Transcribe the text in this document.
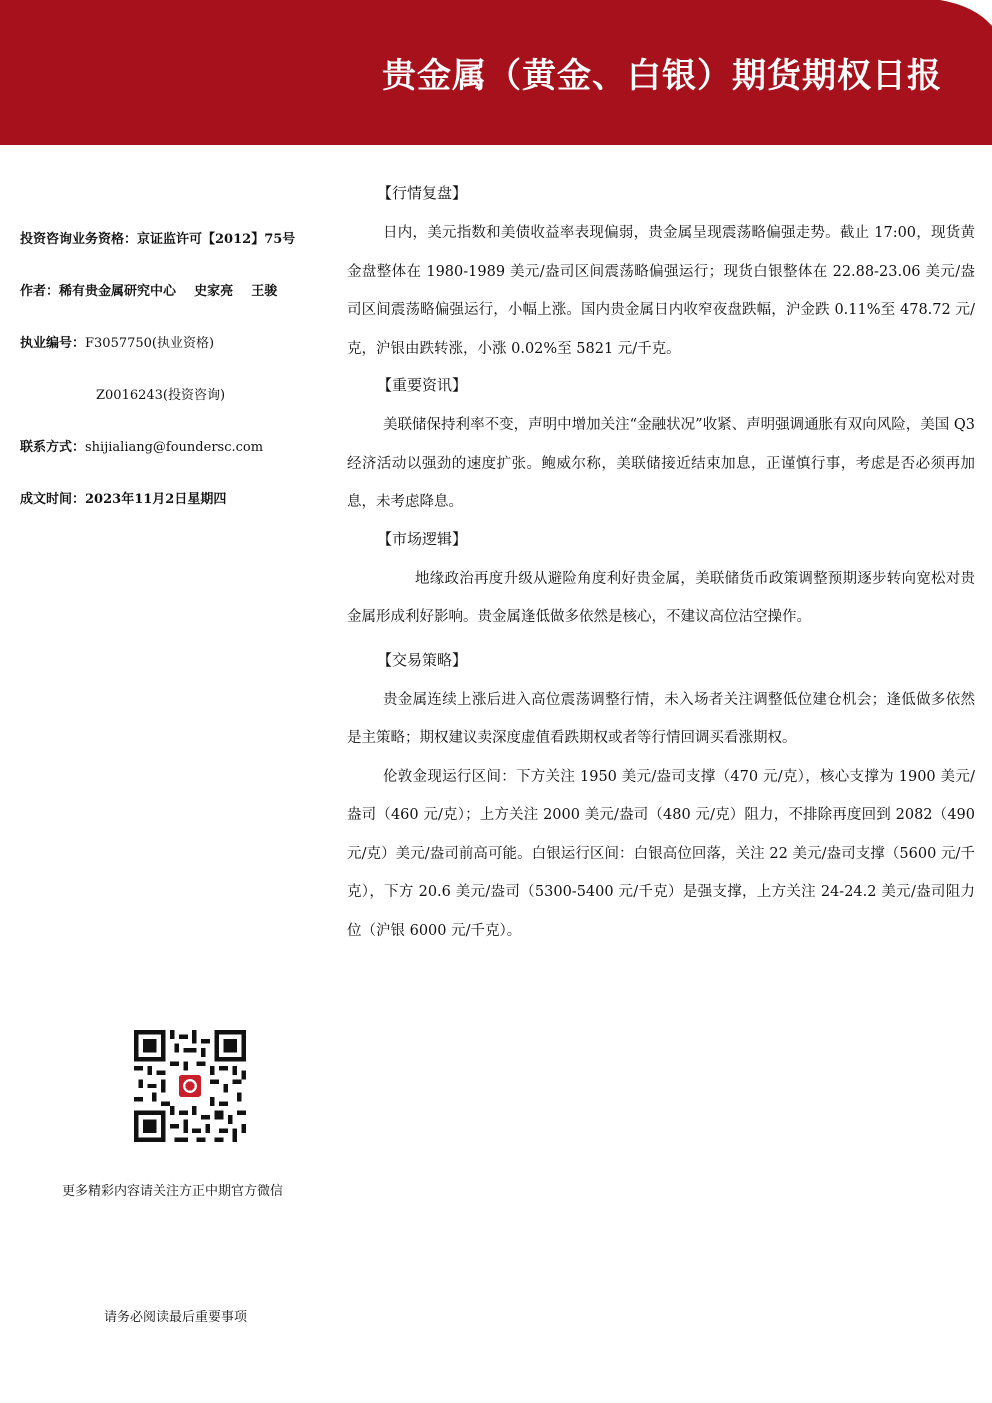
贵金属（黄金、白银）期货期权日报
投资咨询业务资格：京证监许可【2012】75号
作者：稀有贵金属研究中心    史家亮    王骏
执业编号：F3057750(执业资格)
Z0016243(投资咨询)
联系方式：shijialiang@foundersc.com
成文时间：2023年11月2日星期四
更多精彩内容请关注方正中期官方微信
请务必阅读最后重要事项
【行情复盘】

日内，美元指数和美债收益率表现偏弱，贵金属呈现震荡略偏强走势。截止 17:00，现货黄金盘整体在 1980-1989 美元/盎司区间震荡略偏强运行；现货白银整体在 22.88-23.06 美元/盎司区间震荡略偏强运行，小幅上涨。国内贵金属日内收窄夜盘跌幅，沪金跌 0.11%至 478.72 元/克，沪银由跌转涨，小涨 0.02%至 5821 元/千克。

【重要资讯】

美联储保持利率不变，声明中增加关注“金融状况”收紧、声明强调通胀有双向风险，美国 Q3 经济活动以强劲的速度扩张。鲍威尔称，美联储接近结束加息，正谨慎行事，考虑是否必须再加息，未考虑降息。

【市场逻辑】

地缘政治再度升级从避险角度利好贵金属，美联储货币政策调整预期逐步转向宽松对贵金属形成利好影响。贵金属逢低做多依然是核心，不建议高位沽空操作。

【交易策略】

贵金属连续上涨后进入高位震荡调整行情，未入场者关注调整低位建仓机会；逢低做多依然是主策略；期权建议卖深度虚值看跌期权或者等行情回调买看涨期权。

伦敦金现运行区间：下方关注 1950 美元/盎司支撑（470 元/克），核心支撑为 1900 美元/盎司（460 元/克）；上方关注 2000 美元/盎司（480 元/克）阻力，不排除再度回到 2082（490 元/克）美元/盎司前高可能。白银运行区间：白银高位回落，关注 22 美元/盎司支撑（5600 元/千克），下方 20.6 美元/盎司（5300-5400 元/千克）是强支撑，上方关注 24-24.2 美元/盎司阻力位（沪银 6000 元/千克）。
